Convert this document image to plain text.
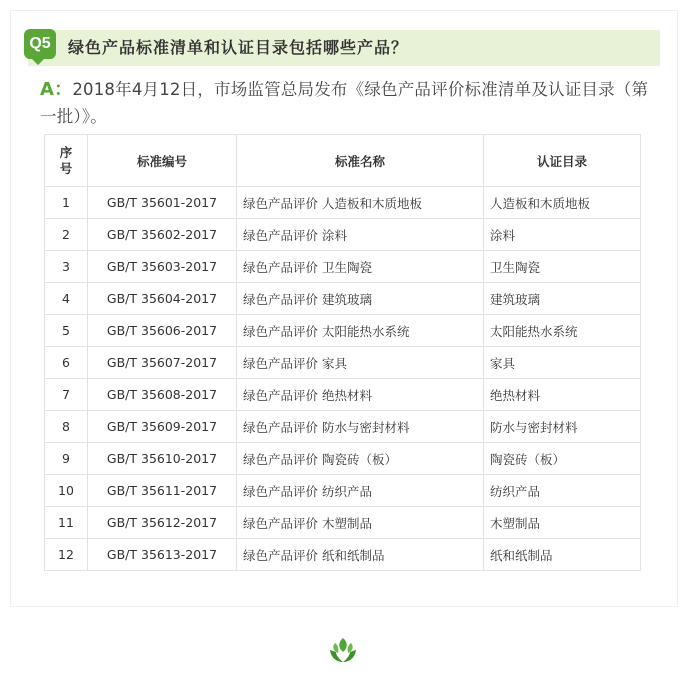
Q5	绿色产品标准清单和认证目录包括哪些产品？
A：2018年4月12日，市场监管总局发布《绿色产品评价标准清单及认证目录（第一批）》。
序号	标准编号	标准名称	认证目录
1	GB/T 35601-2017	绿色产品评价 人造板和木质地板	人造板和木质地板
2	GB/T 35602-2017	绿色产品评价 涂料	涂料
3	GB/T 35603-2017	绿色产品评价 卫生陶瓷	卫生陶瓷
4	GB/T 35604-2017	绿色产品评价 建筑玻璃	建筑玻璃
5	GB/T 35606-2017	绿色产品评价 太阳能热水系统	太阳能热水系统
6	GB/T 35607-2017	绿色产品评价 家具	家具
7	GB/T 35608-2017	绿色产品评价 绝热材料	绝热材料
8	GB/T 35609-2017	绿色产品评价 防水与密封材料	防水与密封材料
9	GB/T 35610-2017	绿色产品评价 陶瓷砖（板）	陶瓷砖（板）
10	GB/T 35611-2017	绿色产品评价 纺织产品	纺织产品
11	GB/T 35612-2017	绿色产品评价 木塑制品	木塑制品
12	GB/T 35613-2017	绿色产品评价 纸和纸制品	纸和纸制品
